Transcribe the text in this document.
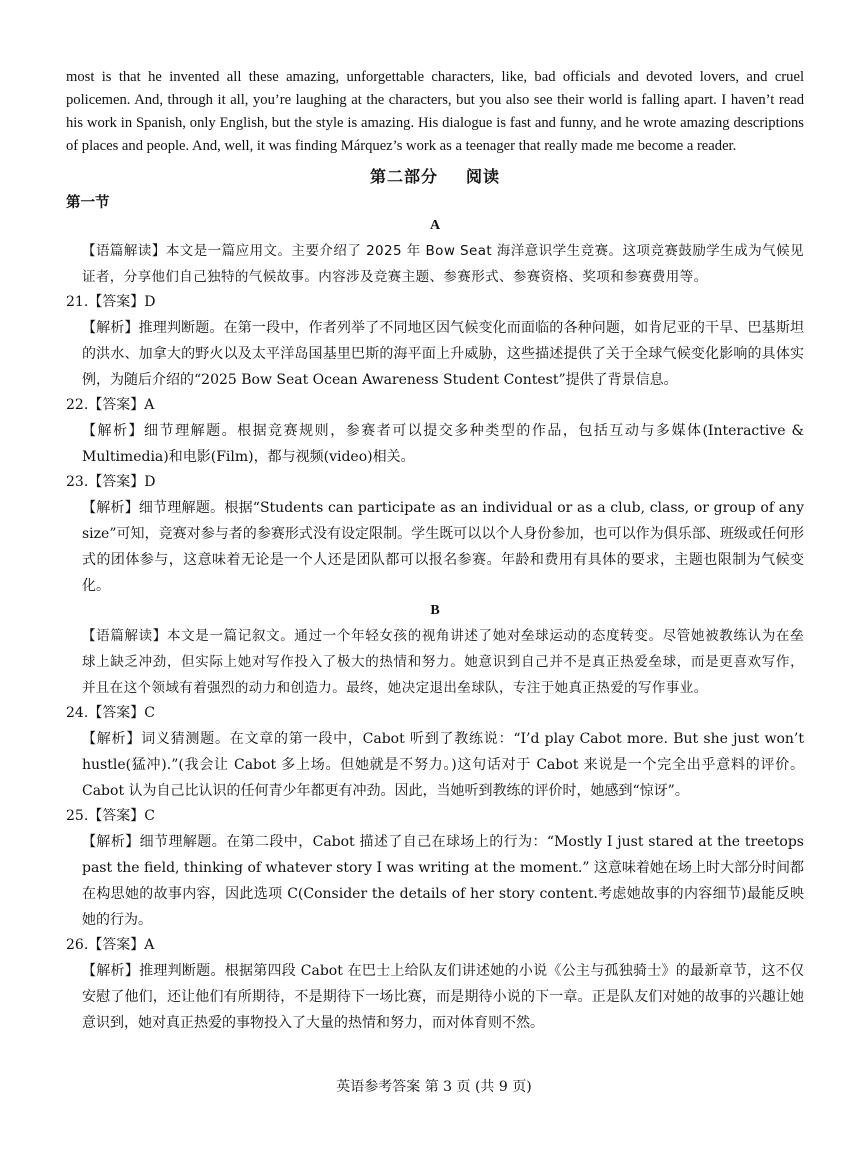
most is that he invented all these amazing, unforgettable characters, like, bad officials and devoted lovers, and cruel policemen. And, through it all, you’re laughing at the characters, but you also see their world is falling apart. I haven’t read his work in Spanish, only English, but the style is amazing. His dialogue is fast and funny, and he wrote amazing descriptions of places and people. And, well, it was finding Márquez’s work as a teenager that really made me become a reader.

第二部分 阅读
第一节
A

【语篇解读】本文是一篇应用文。主要介绍了 2025 年 Bow Seat 海洋意识学生竞赛。这项竞赛鼓励学生成为气候见证者，分享他们自己独特的气候故事。内容涉及竞赛主题、参赛形式、参赛资格、奖项和参赛费用等。

21.【答案】D

【解析】推理判断题。在第一段中，作者列举了不同地区因气候变化而面临的各种问题，如肯尼亚的干旱、巴基斯坦的洪水、加拿大的野火以及太平洋岛国基里巴斯的海平面上升威胁，这些描述提供了关于全球气候变化影响的具体实例，为随后介绍的“2025 Bow Seat Ocean Awareness Student Contest”提供了背景信息。

22.【答案】A

【解析】细节理解题。根据竞赛规则，参赛者可以提交多种类型的作品，包括互动与多媒体(Interactive & Multimedia)和电影(Film)，都与视频(video)相关。

23.【答案】D

【解析】细节理解题。根据“Students can participate as an individual or as a club, class, or group of any size”可知，竞赛对参与者的参赛形式没有设定限制。学生既可以以个人身份参加，也可以作为俱乐部、班级或任何形式的团体参与，这意味着无论是一个人还是团队都可以报名参赛。年龄和费用有具体的要求，主题也限制为气候变化。

B

【语篇解读】本文是一篇记叙文。通过一个年轻女孩的视角讲述了她对垒球运动的态度转变。尽管她被教练认为在垒球上缺乏冲劲，但实际上她对写作投入了极大的热情和努力。她意识到自己并不是真正热爱垒球，而是更喜欢写作，并且在这个领域有着强烈的动力和创造力。最终，她决定退出垒球队，专注于她真正热爱的写作事业。

24.【答案】C

【解析】词义猜测题。在文章的第一段中，Cabot 听到了教练说：“I’d play Cabot more. But she just won’t hustle(猛冲).”(我会让 Cabot 多上场。但她就是不努力。)这句话对于 Cabot 来说是一个完全出乎意料的评价。Cabot 认为自己比认识的任何青少年都更有冲劲。因此，当她听到教练的评价时，她感到“惊讶”。

25.【答案】C

【解析】细节理解题。在第二段中，Cabot 描述了自己在球场上的行为：“Mostly I just stared at the treetops past the field, thinking of whatever story I was writing at the moment.” 这意味着她在场上时大部分时间都在构思她的故事内容，因此选项 C(Consider the details of her story content.考虑她故事的内容细节)最能反映她的行为。

26.【答案】A

【解析】推理判断题。根据第四段 Cabot 在巴士上给队友们讲述她的小说《公主与孤独骑士》的最新章节，这不仅安慰了他们，还让他们有所期待，不是期待下一场比赛，而是期待小说的下一章。正是队友们对她的故事的兴趣让她意识到，她对真正热爱的事物投入了大量的热情和努力，而对体育则不然。

英语参考答案 第 3 页 (共 9 页)
